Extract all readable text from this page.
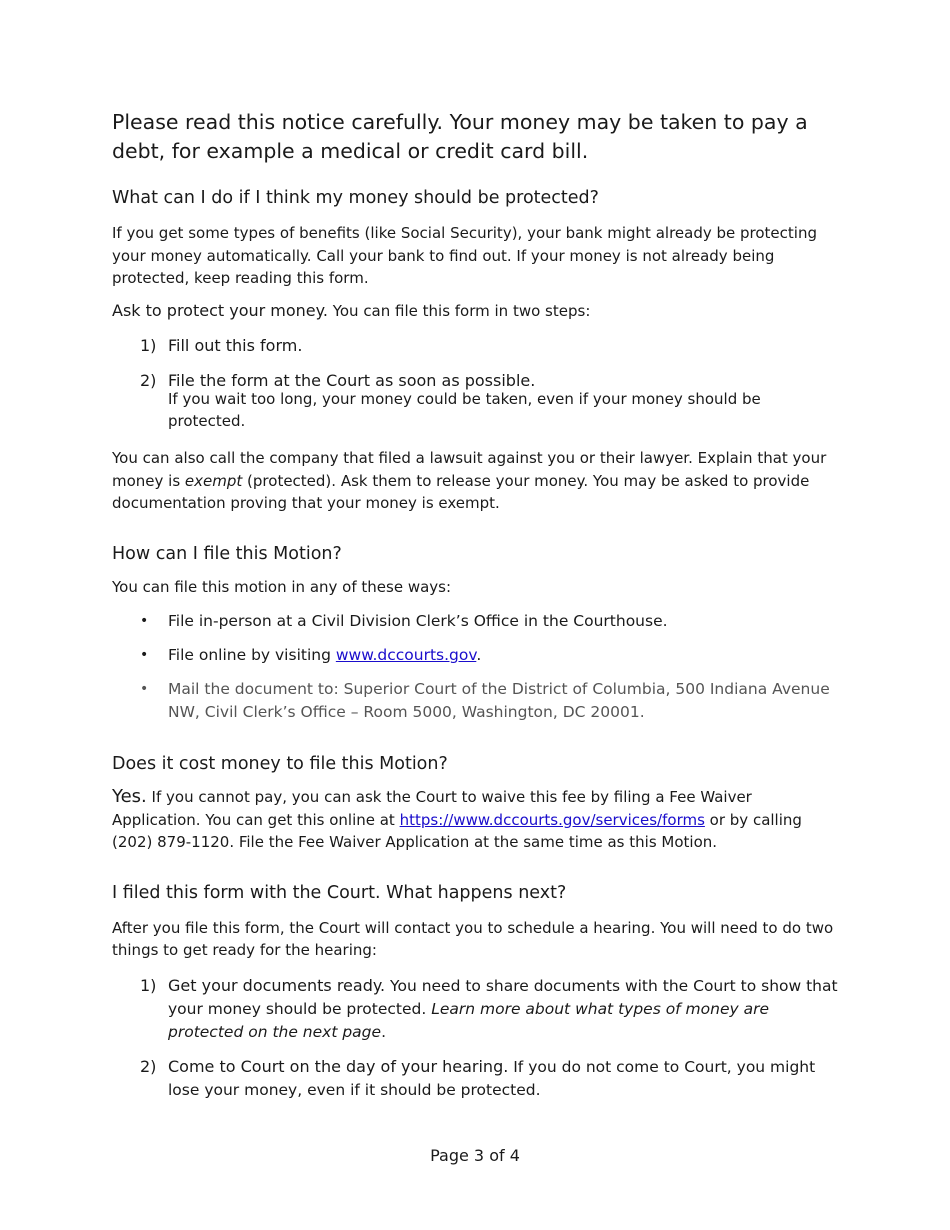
Please read this notice carefully. Your money may be taken to pay a debt, for example a medical or credit card bill.

What can I do if I think my money should be protected?

If you get some types of benefits (like Social Security), your bank might already be protecting your money automatically. Call your bank to find out. If your money is not already being protected, keep reading this form.

Ask to protect your money. You can file this form in two steps:

1) Fill out this form.
2) File the form at the Court as soon as possible.
If you wait too long, your money could be taken, even if your money should be protected.

You can also call the company that filed a lawsuit against you or their lawyer. Explain that your money is exempt (protected). Ask them to release your money. You may be asked to provide documentation proving that your money is exempt.

How can I file this Motion?

You can file this motion in any of these ways:

• File in-person at a Civil Division Clerk’s Office in the Courthouse.
• File online by visiting www.dccourts.gov.
• Mail the document to: Superior Court of the District of Columbia, 500 Indiana Avenue NW, Civil Clerk’s Office – Room 5000, Washington, DC 20001.
Does it cost money to file this Motion?

Yes. If you cannot pay, you can ask the Court to waive this fee by filing a Fee Waiver Application. You can get this online at https://www.dccourts.gov/services/forms or by calling (202) 879-1120. File the Fee Waiver Application at the same time as this Motion.

I filed this form with the Court. What happens next?

After you file this form, the Court will contact you to schedule a hearing. You will need to do two things to get ready for the hearing:

1) Get your documents ready. You need to share documents with the Court to show that your money should be protected. Learn more about what types of money are protected on the next page.
2) Come to Court on the day of your hearing. If you do not come to Court, you might lose your money, even if it should be protected.
Page 3 of 4
